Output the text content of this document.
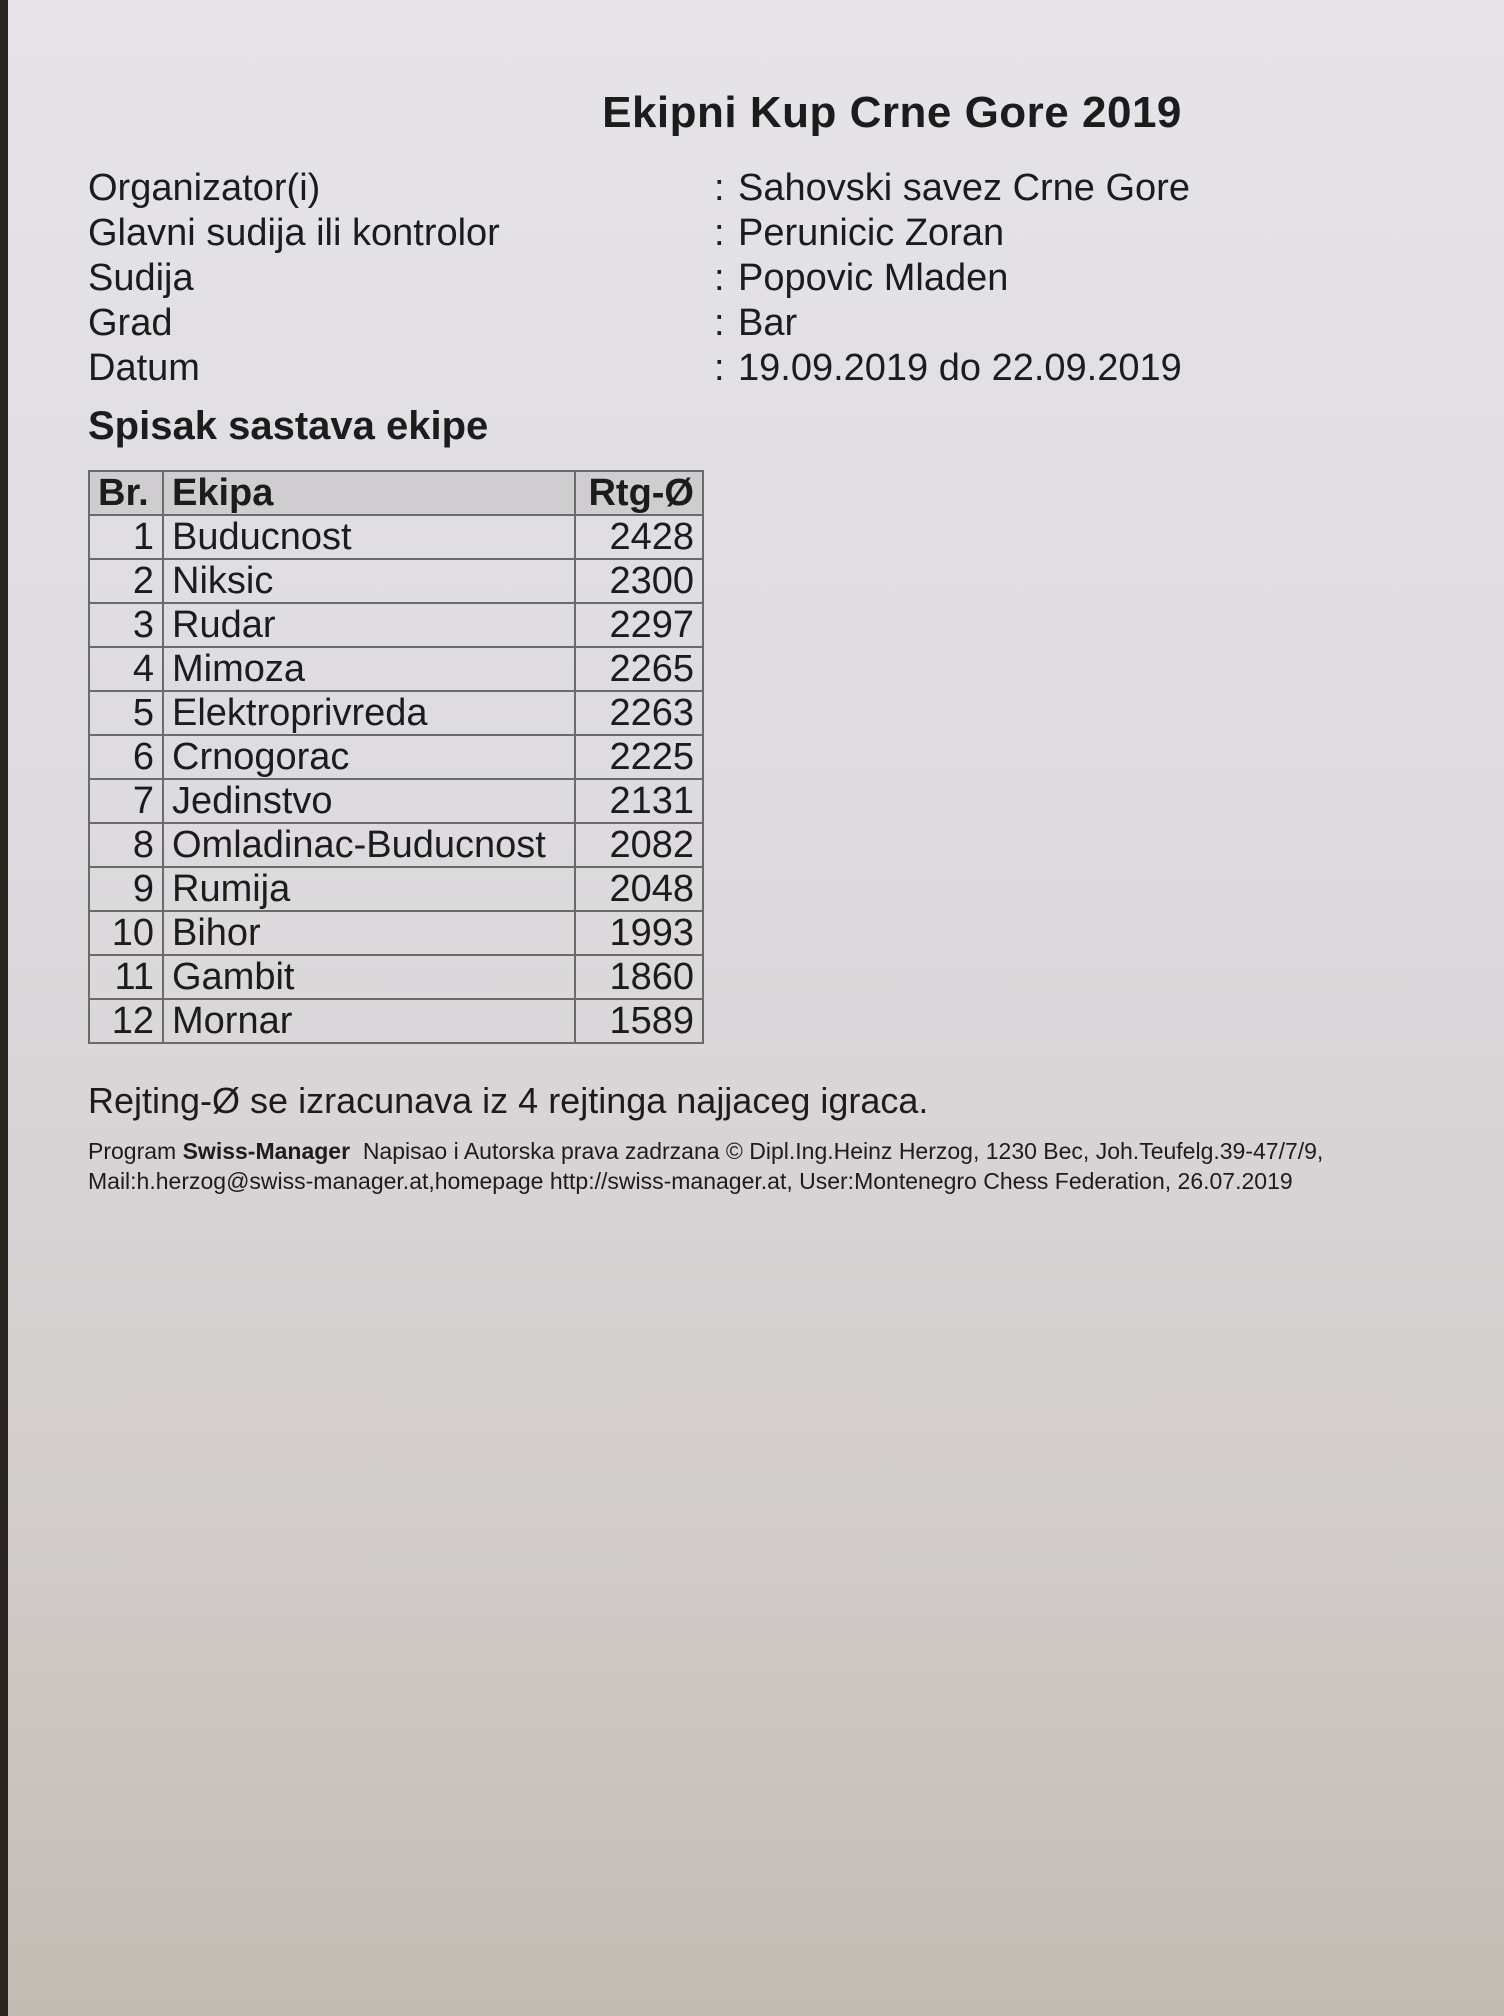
Ekipni Kup Crne Gore 2019
Organizator(i)	: Sahovski savez Crne Gore
Glavni sudija ili kontrolor	: Perunicic Zoran
Sudija	: Popovic Mladen
Grad	: Bar
Datum	: 19.09.2019 do 22.09.2019
Spisak sastava ekipe
Br.	Ekipa	Rtg-Ø
1	Buducnost	2428
2	Niksic	2300
3	Rudar	2297
4	Mimoza	2265
5	Elektroprivreda	2263
6	Crnogorac	2225
7	Jedinstvo	2131
8	Omladinac-Buducnost	2082
9	Rumija	2048
10	Bihor	1993
11	Gambit	1860
12	Mornar	1589
Rejting-Ø se izracunava iz 4 rejtinga najjaceg igraca.
Program Swiss-Manager  Napisao i Autorska prava zadrzana © Dipl.Ing.Heinz Herzog, 1230 Bec, Joh.Teufelg.39-47/7/9,
Mail:h.herzog@swiss-manager.at,homepage http://swiss-manager.at, User:Montenegro Chess Federation, 26.07.2019
